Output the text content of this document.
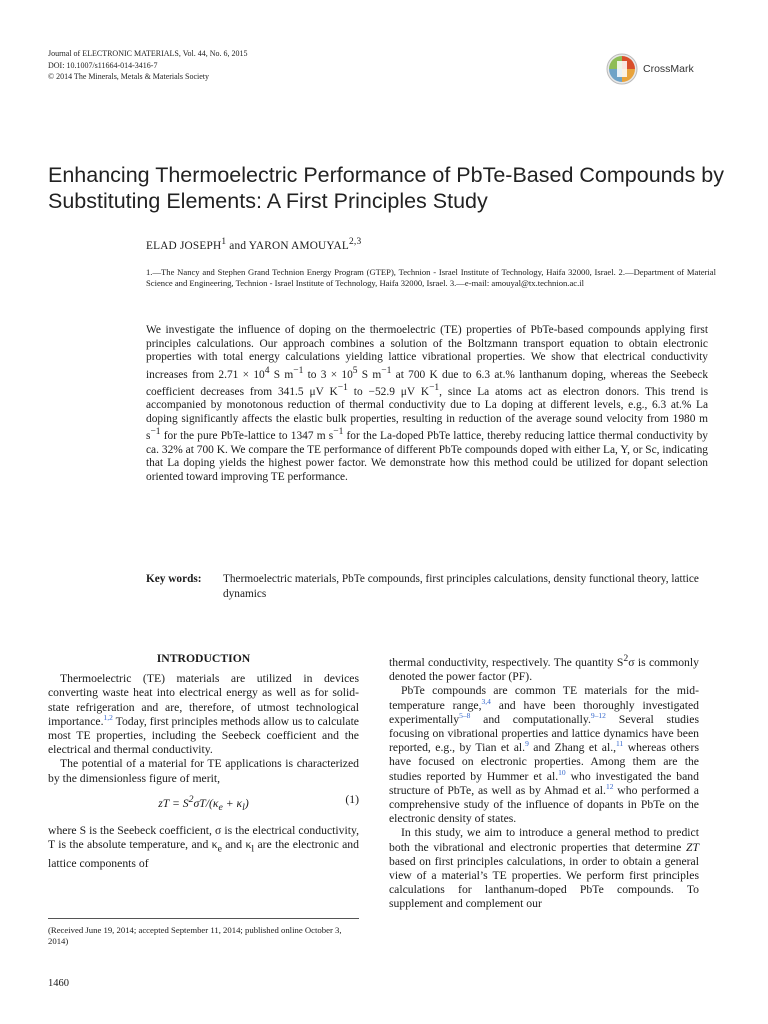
Journal of ELECTRONIC MATERIALS, Vol. 44, No. 6, 2015
DOI: 10.1007/s11664-014-3416-7
© 2014 The Minerals, Metals & Materials Society
CrossMark
Enhancing Thermoelectric Performance of PbTe-Based Compounds by Substituting Elements: A First Principles Study
ELAD JOSEPH$^1$ and YARON AMOUYAL$^{2,3}$
1.—The Nancy and Stephen Grand Technion Energy Program (GTEP), Technion - Israel Institute of Technology, Haifa 32000, Israel. 2.—Department of Material Science and Engineering, Technion - Israel Institute of Technology, Haifa 32000, Israel. 3.—e-mail: amouyal@tx.technion.ac.il
We investigate the influence of doping on the thermoelectric (TE) properties of PbTe-based compounds applying first principles calculations. Our approach combines a solution of the Boltzmann transport equation to obtain electronic properties with total energy calculations yielding lattice vibrational properties. We show that electrical conductivity increases from $2.71 \times 10^4$ S $m^{-1}$ to $3 \times 10^5$ S $m^{-1}$ at 700 K due to 6.3 at.% lanthanum doping, whereas the Seebeck coefficient decreases from 341.5 μV $K^{-1}$ to −52.9 μV $K^{-1}$, since La atoms act as electron donors. This trend is accompanied by monotonous reduction of thermal conductivity due to La doping at different levels, e.g., 6.3 at.% La doping significantly affects the elastic bulk properties, resulting in reduction of the average sound velocity from 1980 m $s^{-1}$ for the pure PbTe-lattice to 1347 m $s^{-1}$ for the La-doped PbTe lattice, thereby reducing lattice thermal conductivity by ca. 32% at 700 K. We compare the TE performance of different PbTe compounds doped with either La, Y, or Sc, indicating that La doping yields the highest power factor. We demonstrate how this method could be utilized for dopant selection oriented toward improving TE performance.
Key words: Thermoelectric materials, PbTe compounds, first principles calculations, density functional theory, lattice dynamics
INTRODUCTION

Thermoelectric (TE) materials are utilized in devices converting waste heat into electrical energy as well as for solid-state refrigeration and are, therefore, of utmost technological importance.$^{1,2}$ Today, first principles methods allow us to calculate most TE properties, including the Seebeck coefficient and the electrical and thermal conductivity.

The potential of a material for TE applications is characterized by the dimensionless figure of merit,

zT = $S^2\sigma T/(\kappa_e + \kappa_l)$	(1)

where S is the Seebeck coefficient, σ is the electrical conductivity, T is the absolute temperature, and $\kappa_e$ and $\kappa_l$ are the electronic and lattice components of

thermal conductivity, respectively. The quantity $S^2\sigma$ is commonly denoted the power factor (PF).

PbTe compounds are common TE materials for the mid-temperature range,$^{3,4}$ and have been thoroughly investigated experimentally$^{5-8}$ and computationally.$^{9-12}$ Several studies focusing on vibrational properties and lattice dynamics have been reported, e.g., by Tian et al.$^9$ and Zhang et al.,$^{11}$ whereas others have focused on electronic properties. Among them are the studies reported by Hummer et al.$^{10}$ who investigated the band structure of PbTe, as well as by Ahmad et al.$^{12}$ who performed a comprehensive study of the influence of dopants in PbTe on the electronic density of states.

In this study, we aim to introduce a general method to predict both the vibrational and electronic properties that determine ZT based on first principles calculations, in order to obtain a general view of a material’s TE properties. We perform first principles calculations for lanthanum-doped PbTe compounds. To supplement and complement our

(Received June 19, 2014; accepted September 11, 2014; published online October 3, 2014)
1460
